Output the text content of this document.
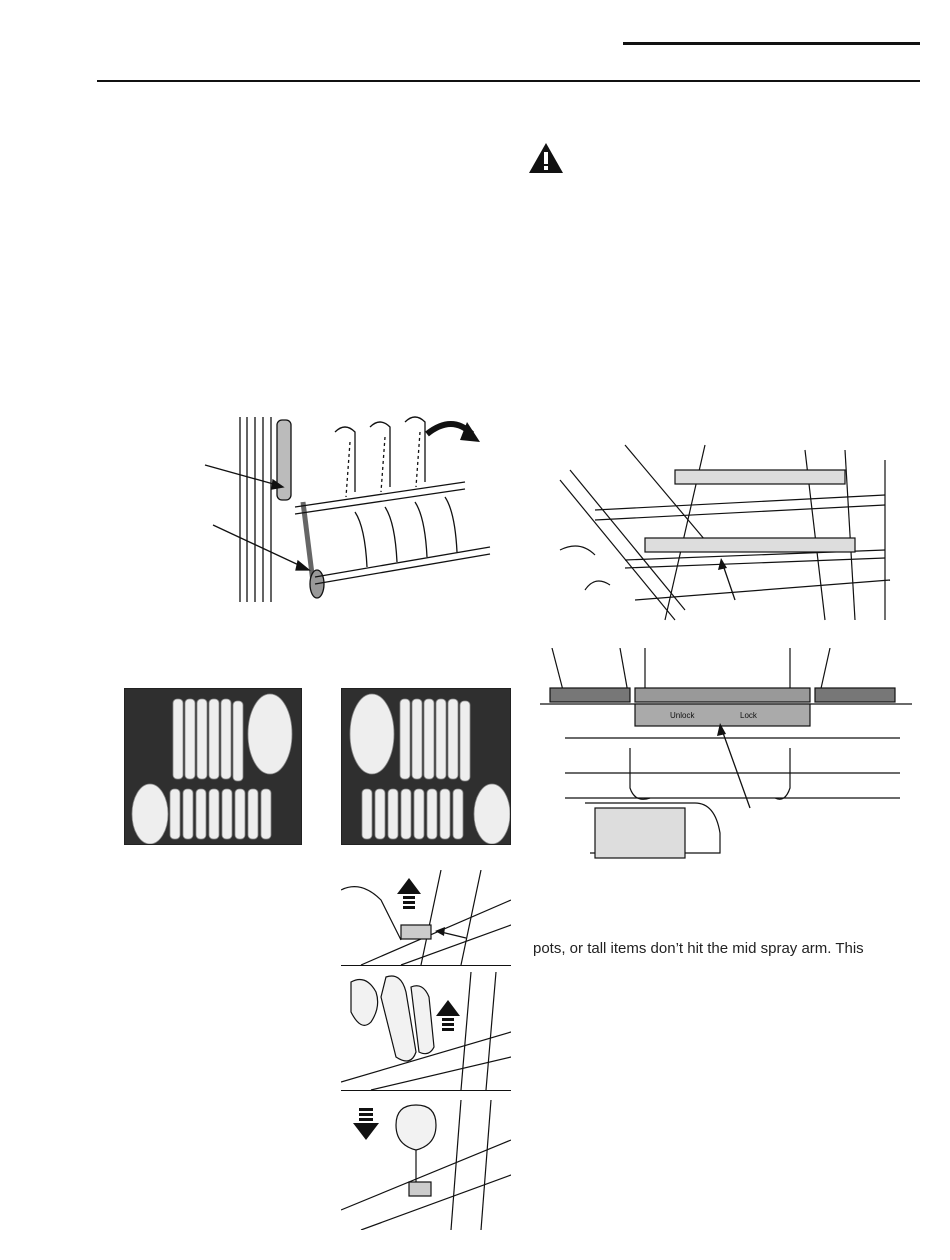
Unlock	Lock
pots, or tall items don’t hit the mid spray arm. This
